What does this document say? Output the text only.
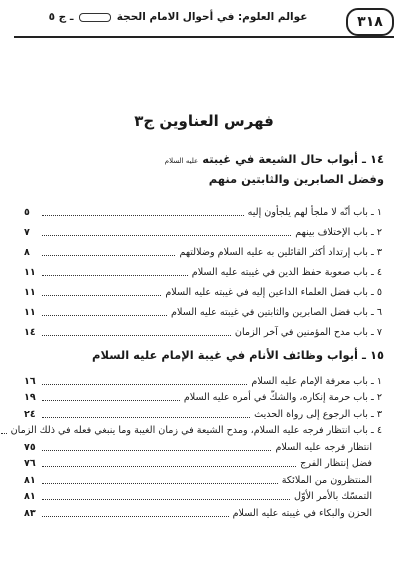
٣١٨
عوالم العلوم: في أحوال الامام الحجة  ـ ج ٥
فهرس العناوين ج٣
١٤ ـ أبواب حال الشيعة في غيبته عليه السلام
وفضل الصابرين والثابتين منهم
١ ـ باب أنّه لا ملجأ لهم يلجأون إليه
٥
٢ ـ باب الإختلاف بينهم
٧
٣ ـ باب إرتداد أكثر القائلين به عليه السلام وضلالتهم
٨
٤ ـ باب صعوبة حفظ الدين في غيبته عليه السلام
١١
٥ ـ باب فضل العلماء الداعين إليه في غيبته عليه السلام
١١
٦ ـ باب فضل الصابرين والثابتين في غيبته عليه السلام
١١
٧ ـ باب مدح المؤمنين في آخر الزمان
١٤
١٥ ـ أبواب وظائف الأنام في غيبة الإمام عليه السلام
١ ـ باب معرفة الإمام عليه السلام
١٦
٢ ـ باب حرمة إنكاره، والشكّ في أمره عليه السلام
١٩
٣ ـ باب الرجوع إلى رواة الحديث
٢٤
٤ ـ باب انتظار فرجه عليه السلام، ومدح الشيعة في زمان الغيبة وما ينبغي فعله في ذلك الزمان
انتظار فرجه عليه السلام
٧٥
فضل إنتظار الفرج
٧٦
المنتظرون من الملائكة
٨١
التمسّك بالأمر الأوّل
٨١
الحزن والبكاء في غيبته عليه السلام
٨٣
